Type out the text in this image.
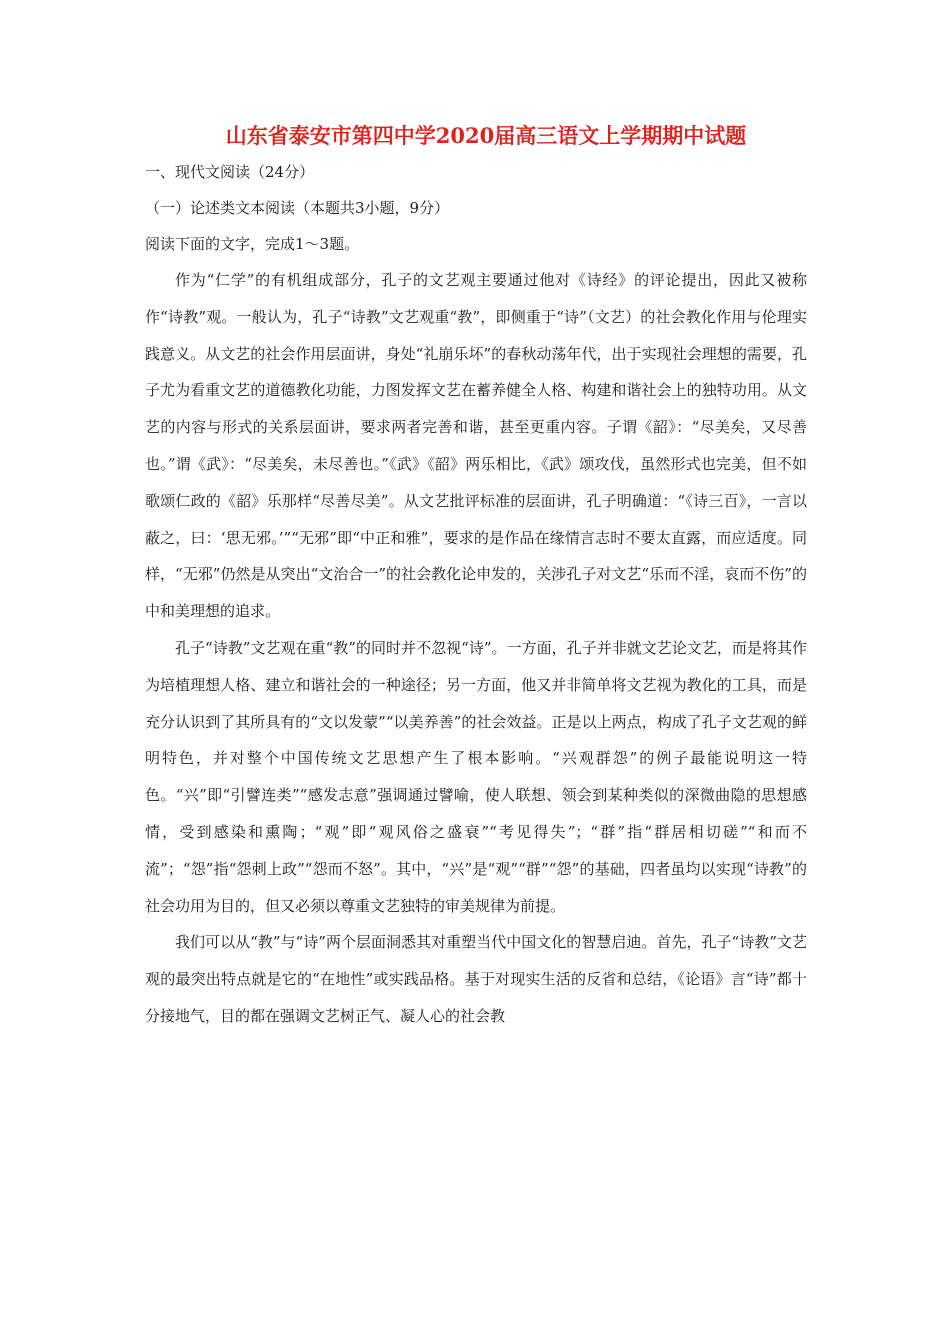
山东省泰安市第四中学2020届高三语文上学期期中试题

一、现代文阅读（24分）

（一）论述类文本阅读（本题共3小题，9分）

阅读下面的文字，完成1～3题。

作为“仁学”的有机组成部分，孔子的文艺观主要通过他对《诗经》的评论提出，因此又被称作“诗教”观。一般认为，孔子“诗教”文艺观重“教”，即侧重于“诗”（文艺）的社会教化作用与伦理实践意义。从文艺的社会作用层面讲，身处“礼崩乐坏”的春秋动荡年代，出于实现社会理想的需要，孔子尤为看重文艺的道德教化功能，力图发挥文艺在蓄养健全人格、构建和谐社会上的独特功用。从文艺的内容与形式的关系层面讲，要求两者完善和谐，甚至更重内容。子谓《韶》：“尽美矣，又尽善也。”谓《武》：“尽美矣，未尽善也。”《武》《韶》两乐相比，《武》颂攻伐，虽然形式也完美，但不如歌颂仁政的《韶》乐那样“尽善尽美”。从文艺批评标准的层面讲，孔子明确道：“《诗三百》，一言以蔽之，曰：‘思无邪。’”“无邪”即“中正和雅”，要求的是作品在缘情言志时不要太直露，而应适度。同样，“无邪”仍然是从突出“文治合一”的社会教化论申发的，关涉孔子对文艺“乐而不淫，哀而不伤”的中和美理想的追求。

孔子“诗教”文艺观在重“教”的同时并不忽视“诗”。一方面，孔子并非就文艺论文艺，而是将其作为培植理想人格、建立和谐社会的一种途径；另一方面，他又并非简单将文艺视为教化的工具，而是充分认识到了其所具有的“文以发蒙”“以美养善”的社会效益。正是以上两点，构成了孔子文艺观的鲜明特色，并对整个中国传统文艺思想产生了根本影响。“兴观群怨”的例子最能说明这一特色。“兴”即“引譬连类”“感发志意”强调通过譬喻，使人联想、领会到某种类似的深微曲隐的思想感情，受到感染和熏陶；“观”即“观风俗之盛衰”“考见得失”；“群”指“群居相切磋”“和而不流”；“怨”指“怨刺上政”“怨而不怒”。其中，“兴”是“观”“群”“怨”的基础，四者虽均以实现“诗教”的社会功用为目的，但又必须以尊重文艺独特的审美规律为前提。

我们可以从“教”与“诗”两个层面洞悉其对重塑当代中国文化的智慧启迪。首先，孔子“诗教”文艺观的最突出特点就是它的“在地性”或实践品格。基于对现实生活的反省和总结，《论语》言“诗”都十分接地气，目的都在强调文艺树正气、凝人心的社会教
